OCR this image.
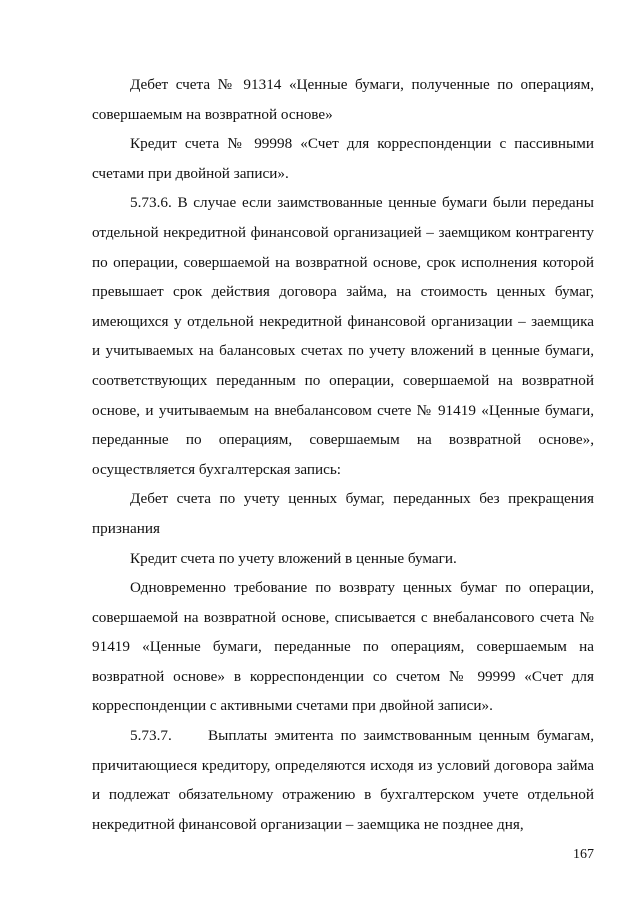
Дебет счета № 91314 «Ценные бумаги, полученные по операциям, совершаемым на возвратной основе»

Кредит счета № 99998 «Счет для корреспонденции с пассивными счетами при двойной записи».

5.73.6. В случае если заимствованные ценные бумаги были переданы отдельной некредитной финансовой организацией – заемщиком контрагенту по операции, совершаемой на возвратной основе, срок исполнения которой превышает срок действия договора займа, на стоимость ценных бумаг, имеющихся у отдельной некредитной финансовой организации – заемщика и учитываемых на балансовых счетах по учету вложений в ценные бумаги, соответствующих переданным по операции, совершаемой на возвратной основе, и учитываемым на внебалансовом счете № 91419 «Ценные бумаги, переданные по операциям, совершаемым на возвратной основе», осуществляется бухгалтерская запись:

Дебет счета по учету ценных бумаг, переданных без прекращения признания

Кредит счета по учету вложений в ценные бумаги.

Одновременно требование по возврату ценных бумаг по операции, совершаемой на возвратной основе, списывается с внебалансового счета № 91419 «Ценные бумаги, переданные по операциям, совершаемым на возвратной основе» в корреспонденции со счетом № 99999 «Счет для корреспонденции с активными счетами при двойной записи».

5.73.7. Выплаты эмитента по заимствованным ценным бумагам, причитающиеся кредитору, определяются исходя из условий договора займа и подлежат обязательному отражению в бухгалтерском учете отдельной некредитной финансовой организации – заемщика не позднее дня,

167
